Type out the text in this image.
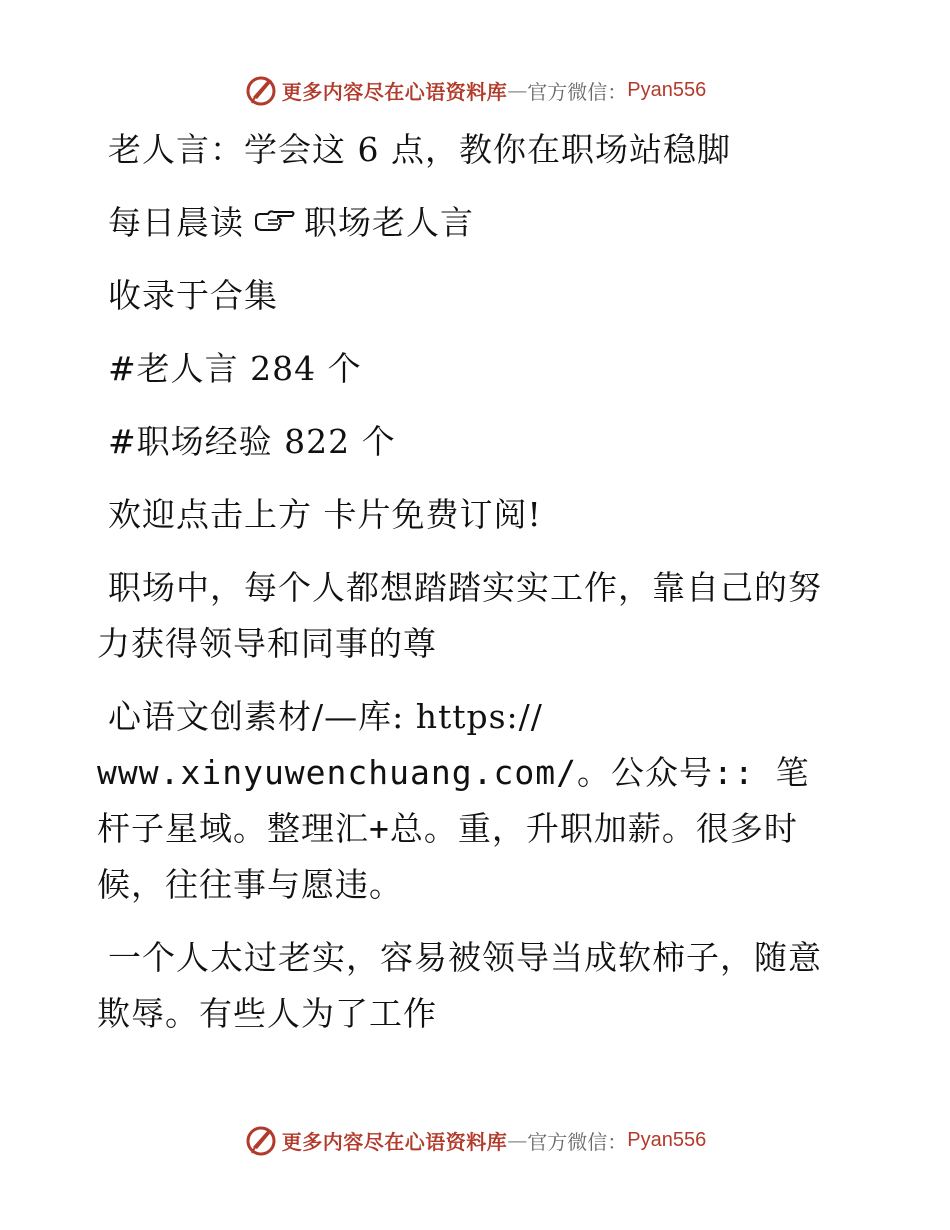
更多内容尽在心语资料库 — 官方微信： Pyan556

老人言：学会这 6 点，教你在职场站稳脚

每日晨读 职场老人言

收录于合集

#老人言 284 个

#职场经验 822 个

欢迎点击上方 卡片免费订阅!

职场中，每个人都想踏踏实实工作，靠自己的努力获得领导和同事的尊

心语文创素材/—库: https://
www.xinyuwenchuang.com/。公众号:: 笔杆子星域。整理汇+总。重，升职加薪。很多时候，往往事与愿违。

一个人太过老实，容易被领导当成软柿子，随意欺辱。有些人为了工作

更多内容尽在心语资料库 — 官方微信： Pyan556
